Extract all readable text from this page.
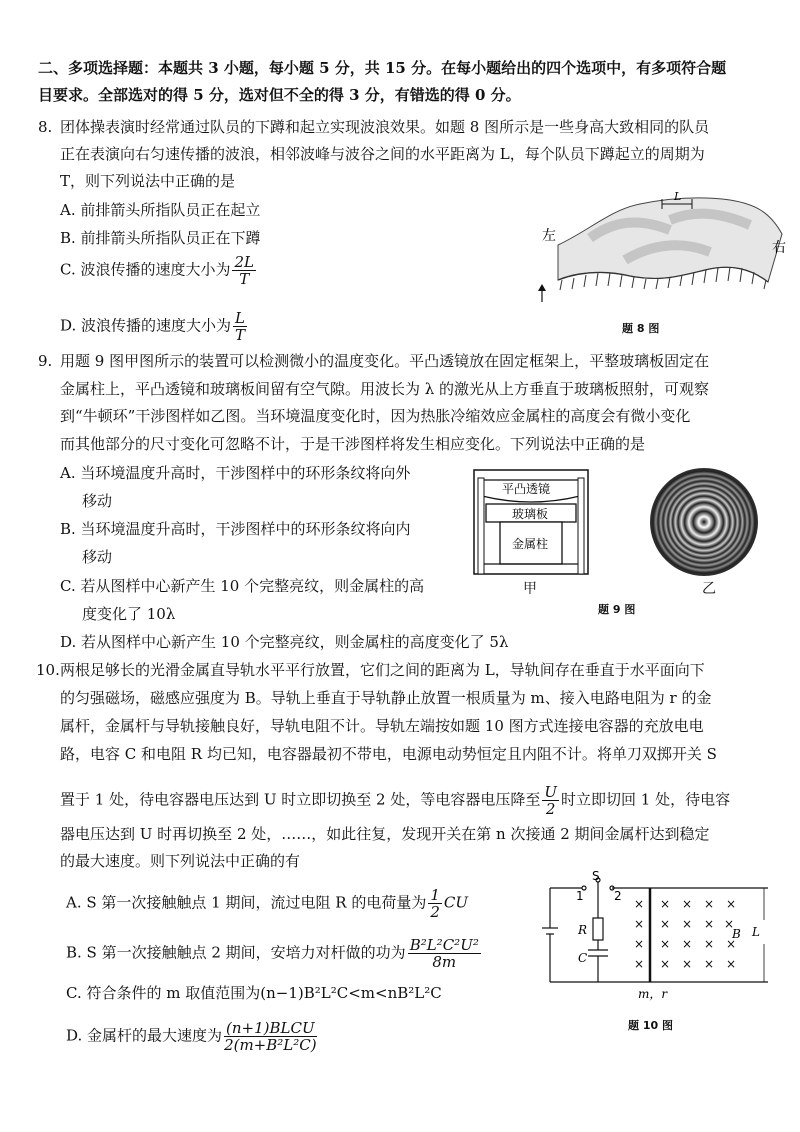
二、多项选择题：本题共 3 小题，每小题 5 分，共 15 分。在每小题给出的四个选项中，有多项符合题
目要求。全部选对的得 5 分，选对但不全的得 3 分，有错选的得 0 分。
8. 团体操表演时经常通过队员的下蹲和起立实现波浪效果。如题 8 图所示是一些身高大致相同的队员
正在表演向右匀速传播的波浪，相邻波峰与波谷之间的水平距离为 L，每个队员下蹲起立的周期为
T，则下列说法中正确的是
A. 前排箭头所指队员正在起立
B. 前排箭头所指队员正在下蹲
C. 波浪传播的速度大小为 $\frac{2L}{T}$
D. 波浪传播的速度大小为 $\frac{L}{T}$
L
左
右
题 8 图
9. 用题 9 图甲图所示的装置可以检测微小的温度变化。平凸透镜放在固定框架上，平整玻璃板固定在
金属柱上，平凸透镜和玻璃板间留有空气隙。用波长为 λ 的激光从上方垂直于玻璃板照射，可观察
到“牛顿环”干涉图样如乙图。当环境温度变化时，因为热胀冷缩效应金属柱的高度会有微小变化
而其他部分的尺寸变化可忽略不计，于是干涉图样将发生相应变化。下列说法中正确的是
A. 当环境温度升高时，干涉图样中的环形条纹将向外
移动
B. 当环境温度升高时，干涉图样中的环形条纹将向内
移动
C. 若从图样中心新产生 10 个完整亮纹，则金属柱的高
度变化了 10λ
D. 若从图样中心新产生 10 个完整亮纹，则金属柱的高度变化了 5λ
平凸透镜
玻璃板
金属柱
甲	乙
题 9 图
10. 两根足够长的光滑金属直导轨水平平行放置，它们之间的距离为 L，导轨间存在垂直于水平面向下
的匀强磁场，磁感应强度为 B。导轨上垂直于导轨静止放置一根质量为 m、接入电路电阻为 r 的金
属杆，金属杆与导轨接触良好，导轨电阻不计。导轨左端按如题 10 图方式连接电容器的充放电电
路，电容 C 和电阻 R 均已知，电容器最初不带电，电源电动势恒定且内阻不计。将单刀双掷开关 S
置于 1 处，待电容器电压达到 U 时立即切换至 2 处，等电容器电压降至 $\frac{U}{2}$ 时立即切回 1 处，待电容
器电压达到 U 时再切换至 2 处，……，如此往复，发现开关在第 n 次接通 2 期间金属杆达到稳定
的最大速度。则下列说法中正确的有
A. S 第一次接触触点 1 期间，流过电阻 R 的电荷量为 $\frac{1}{2}$ CU
B. S 第一次接触触点 2 期间，安培力对杆做的功为 $\frac{\text{B²L²C²U²}}{8m}$
C. 符合条件的 m 取值范围为(n−1)B²L²C<m<nB²L²C
D. 金属杆的最大速度为 $\frac{\text{(n+1)BLCU}}{\text{2(m+B²L²C)}}$
S
1	2
R
C
B L
m，r
× × × × ×
× × × × ×
× × × × ×
× × × × ×
题 10 图
